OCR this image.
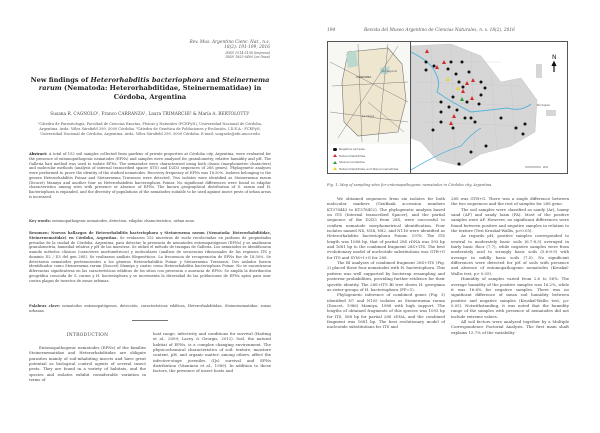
Rev. Mus. Argentino Cienc. Nat., n.s.
18(2): 191-199, 2016
ISSN 1514-5158 (impresa)
ISSN 1853-0400 (en línea)
New findings of Heterorhabditis bacteriophora and Steinernema rarum (Nematoda: Heterorhabditidae, Steinernematidae) in Córdoba, Argentina
Susana R. CAGNOLO¹, Franco CARRANZA¹, Laura TRIMARCHI² & María A. BERTOLOTTI¹
¹Cátedra de Parasitología, Facultad de Ciencias Exactas, Físicas y Naturales (FCEFyN), Universidad Nacional de Córdoba, Argentina. Avda. Vélez Sársfield 299, 5000 Córdoba. ²Cátedra de Genética de Poblaciones y Evolución, I.D.E.A.- FCEFyN, Universidad Nacional de Córdoba, Argentina. Avda. Vélez Sársfield 299, 5000 Córdoba. E-mail: scagnolo@efn.uncor.edu
Abstract: A total of 152 soil samples collected from gardens of private properties at Córdoba city, Argentina, were evaluated for the presence of entomopathogenic nematodes (EPNs) and samples were analyzed for granulometry, relative humidity and pH. The Galleria bait method was used to isolate EPNs. The nematodes were characterized using both classic (morphometric characters) and molecular methods (analysis of internal transcribed spacer (ITS) and D2D3 sequences of 28S genes). Phylogenetic analyses were performed to prove the identity of the studied nematodes. Recovery frequency of EPNs was 18.50%. Isolates belonging to the genera Heterorhabditis Poinar and Steinernema Travassos were detected. Two isolates were identified as Steinernema rarum (Doucet) Mamiya and another four as Heterorhabditis bacteriophora Poinar. No significant differences were found in edaphic characteristics among sites with presence or absence of EPNs. The known geographical distribution of S. rarum and H. bacteriophora is expanded, and the diversity of populations of the nematodes suitable to be used against insect pests of urban areas is increased.
Key words: entomopathogenic nematodes, detection, edaphic characteristics, urban zone.
Resumen: Nuevos hallazgos de Heterorhabditis bacteriophora y Steinernema rarum (Nematoda: Heterorhabditidae, Steinernematidae) en Córdoba, Argentina. Se evaluaron 152 muestras de suelo recolectadas en jardines de propiedades privadas de la ciudad de Córdoba, Argentina, para detectar la presencia de nematodes entomopatógenos (EPNs) y se analizaron granulometría, humedad relativa y pH de las muestras. Se utilizó el método de trampas de Galleria. Los nematodes se identificaron usando métodos clásicos (caracteres morfométricos) y moleculares (análisis de secuencias ribosomales de las regiones ITS y dominio D2 / D3 del gen 28S). Se realizaron análisis filogenéticos. La frecuencia de recuperación de EPNs fue de 18,50%. Se detectaron nematodes pertenecientes a los géneros Heterorhabditis Poinar y Steinernema Travassos. Dos aislados fueron identificados como Steinernema rarum (Doucet) Mamiya y cuatro como Heterorhabditis bacteriophora Poinar. No se encontraron diferencias significativas en las características edáficas de los sitios con presencia o ausencia de EPNs. Se amplía la distribución geográfica conocida de S. rarum y H. bacteriophora y se incrementa la diversidad de las poblaciones de EPNs aptos para usar contra plagas de insectos de zonas urbanas.
Palabras clave: nematodos entomopatógenos, detección, características edáficas, Heterorhabditidae, Steinernematidae, zonas urbanas.
INTRODUCTION
Entomopathogenic nematodes (EPNs) of the families Steinernematidae and Heterorhabditidae are obligate parasites mainly of soil-inhabiting insects and have great potential as biological control agents of several insect pests. They are found in a variety of habitats, and the species and isolates exhibit considerable variation in terms of
host range, infectivity and conditions for survival (Hatting et al., 2009; Lacey & Georgis, 2012). Soil, the natural habitat of EPNs, is a complex changing environment. The physicochemical characteristics of soil: texture, moisture content, pH, and organic matter; among others, affect the infective-stage juveniles (IJs) survival and EPNs distribution (Vänninen et al., 1989). In addition to these factors, the presence of insect hosts and
194	Revista del Museo Argentino de Ciencias Naturales, n. s. 18(2), 2016
CÓRDOBA
La Calera
Río Segundo
Negative samples
Heterorhabditidae
Steinernematidae
Heterorhabditidae and Steinernematidae
N
Río Suquía
2km
Fig. 1: Map of sampling sites for entomopathogenic nematodes in Córdoba city, Argentina.
We obtained sequences from six isolates for both molecular markers (GenBank accession numbers KT378443 to KT378452). The phylogenetic analysis based on ITS (Internal transcribed Spacer), and the partial sequence of the D2D3 from 28S, were successful to confirm nematode morphometrical identification. Four isolates named N4, N54, N82, and N116 were identified as Heterorhabditis bacteriophora Poinar, 1976. The ITS length was 1088 bp, that of partial 28S rDNA was 593 bp and 1681 bp to the combined fragment 28S+ITS. The best evolutionary model of nucleotide substitutions was GTR+G for ITS and SYM+I+G for 28S.
The BI analyses of combined fragment 28S+ITS (Fig. 2) placed these four nematodes with H. bacteriophora. This pattern was well supported by bootstrap resampling and posterior probabilities, providing further evidence for their specific identity. The 28S+ITS BI tree shows H. georgiana as sister-groups of H. bacteriophora (PP=1).
Phylogenetic inference of combined genes (Fig. 3) identified N7 and N105 isolates as Steinernema rarum (Doucet, 1986) Mamiya, 1988 with high support. The lengths of obtained fragments of this species was 1093 bp for ITS, 588 bp for partial 28S rDNA, and the combined fragment was 1681 bp. The best evolutionary model of nucleotide substitutions for ITS and
28S was GTR+G. There was a single difference between the two sequences and the rest of samples for 28S gene.
The soil samples were classified as sandy (Ar), loamy sand (AF) and sandy loam (FA). Most of the positive samples were AF. However, no significant differences were found between positive and negative samples in relation to the texture (Test Kruskal-Wallis, p>0.05).
As regards pH, positive samples corresponded to neutral to moderately basic soils (6.7-8.5) averaged in fairly basic floor (7.7), while negative samples were from moderately acid to strongly basic soils (5.6-8.9) with average in mildly basic soils (7.5). No significant differences were detected for pH of soils with presence and absence of entomopathogenic nematodes (Kruskal-Wallis test, p> 0.05).
Humidity of samples varied from 2.6 to 56%. The average humidity of the positive samples was 16.2%, while it was 16.6% for negative samples. There was no significant difference of mean soil humidity between positive and negative samples (Kruskal-Wallis test, p> 0.05). Notwithstanding, it was noted that the humidity range of the samples with presence of nematodes did not include extreme values.
All soil factors were analyzed together by a Multiple Correspondence Factorial Analysis. The first main shaft explains 15.7% of the variability
